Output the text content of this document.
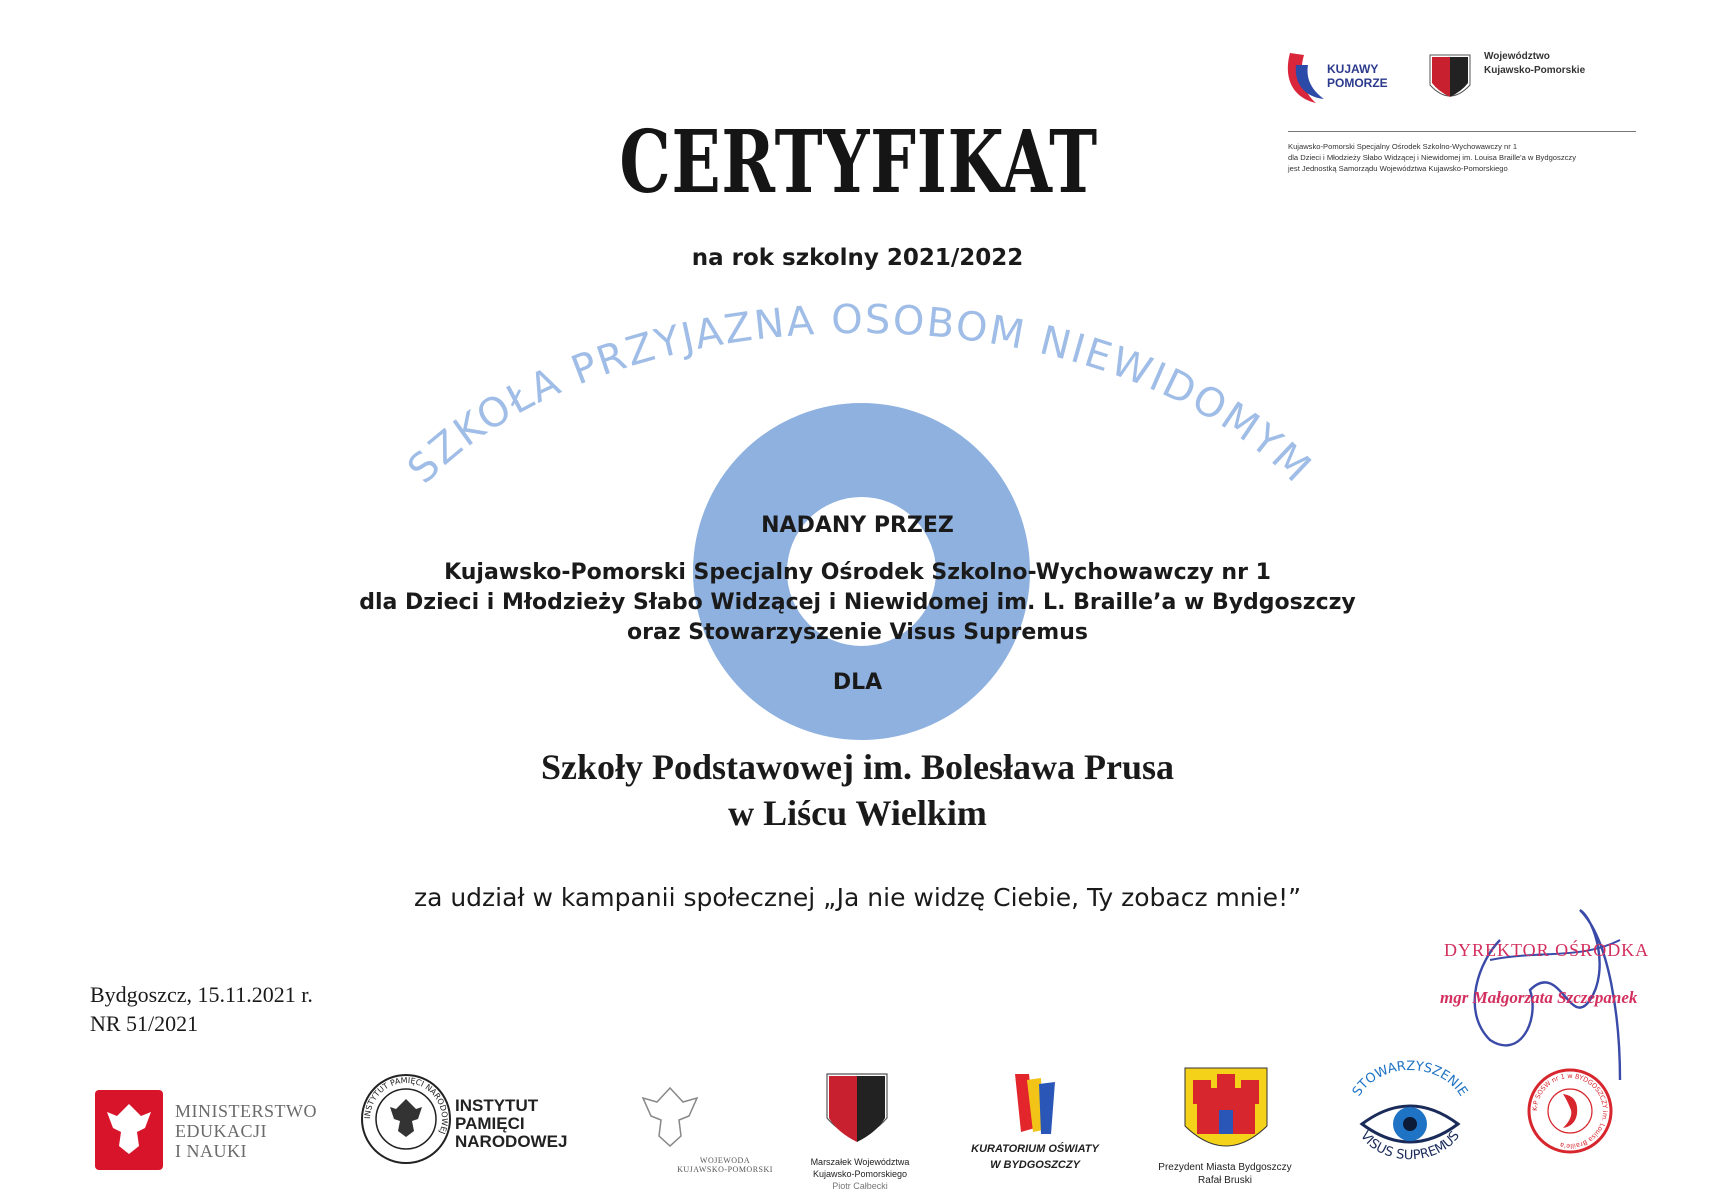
SZKOŁA PRZYJAZNA OSOBOM NIEWIDOMYM
KUJAWY
POMORZE
Województwo
Kujawsko-Pomorskie
Kujawsko-Pomorski Specjalny Ośrodek Szkolno-Wychowawczy nr 1
dla Dzieci i Młodzieży Słabo Widzącej i Niewidomej im. Louisa Braille'a w Bydgoszczy
jest Jednostką Samorządu Województwa Kujawsko-Pomorskiego
CERTYFIKAT
na rok szkolny 2021/2022
NADANY PRZEZ
Kujawsko-Pomorski Specjalny Ośrodek Szkolno-Wychowawczy nr 1
dla Dzieci i Młodzieży Słabo Widzącej i Niewidomej im. L. Braille’a w Bydgoszczy
oraz Stowarzyszenie Visus Supremus
DLA
Szkoły Podstawowej im. Bolesława Prusa
w Liścu Wielkim
za udział w kampanii społecznej „Ja nie widzę Ciebie, Ty zobacz mnie!”
Bydgoszcz, 15.11.2021 r.
NR 51/2021
DYREKTOR OŚRODKA
mgr Małgorzata Szczepanek
MINISTERSTWO
EDUKACJI
I NAUKI
INSTYTUT PAMIĘCI NARODOWEJ
INSTYTUT
PAMIĘCI
NARODOWEJ
WOJEWODA
KUJAWSKO-POMORSKI
Marszałek Województwa
Kujawsko-Pomorskiego
Piotr Całbecki
KURATORIUM OŚWIATY
W BYDGOSZCZY	Prezydent Miasta Bydgoszczy
Rafał Bruski
STOWARZYSZENIE
VISUS SUPREMUS
K-P SOSW nr 1 w BYDGOSZCZY im. Louisa Braille'a
